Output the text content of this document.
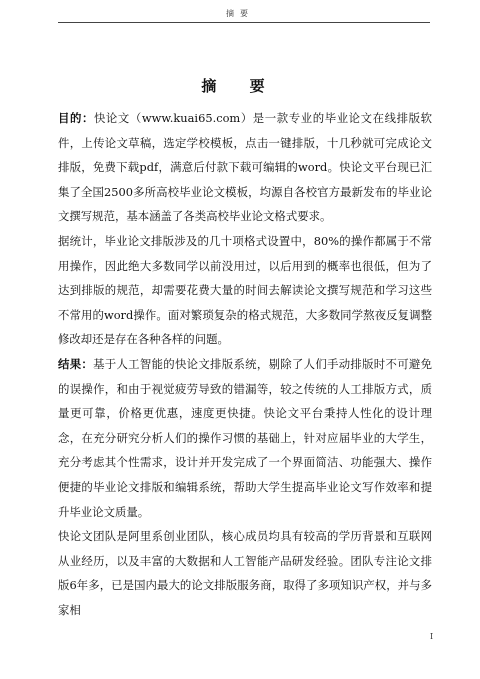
摘要
摘 要

目的：快论文（www.kuai65.com）是一款专业的毕业论文在线排版软件，上传论文草稿，选定学校模板，点击一键排版，十几秒就可完成论文排版，免费下载pdf，满意后付款下载可编辑的word。快论文平台现已汇集了全国2500多所高校毕业论文模板，均源自各校官方最新发布的毕业论文撰写规范，基本涵盖了各类高校毕业论文格式要求。

据统计，毕业论文排版涉及的几十项格式设置中，80%的操作都属于不常用操作，因此绝大多数同学以前没用过，以后用到的概率也很低，但为了达到排版的规范，却需要花费大量的时间去解读论文撰写规范和学习这些不常用的word操作。面对繁琐复杂的格式规范，大多数同学熬夜反复调整修改却还是存在各种各样的问题。

结果：基于人工智能的快论文排版系统，剔除了人们手动排版时不可避免的误操作，和由于视觉疲劳导致的错漏等，较之传统的人工排版方式，质量更可靠，价格更优惠，速度更快捷。快论文平台秉持人性化的设计理念，在充分研究分析人们的操作习惯的基础上，针对应届毕业的大学生，充分考虑其个性需求，设计并开发完成了一个界面简洁、功能强大、操作便捷的毕业论文排版和编辑系统，帮助大学生提高毕业论文写作效率和提升毕业论文质量。

快论文团队是阿里系创业团队，核心成员均具有较高的学历背景和互联网从业经历，以及丰富的大数据和人工智能产品研发经验。团队专注论文排版6年多，已是国内最大的论文排版服务商，取得了多项知识产权，并与多家相

I
